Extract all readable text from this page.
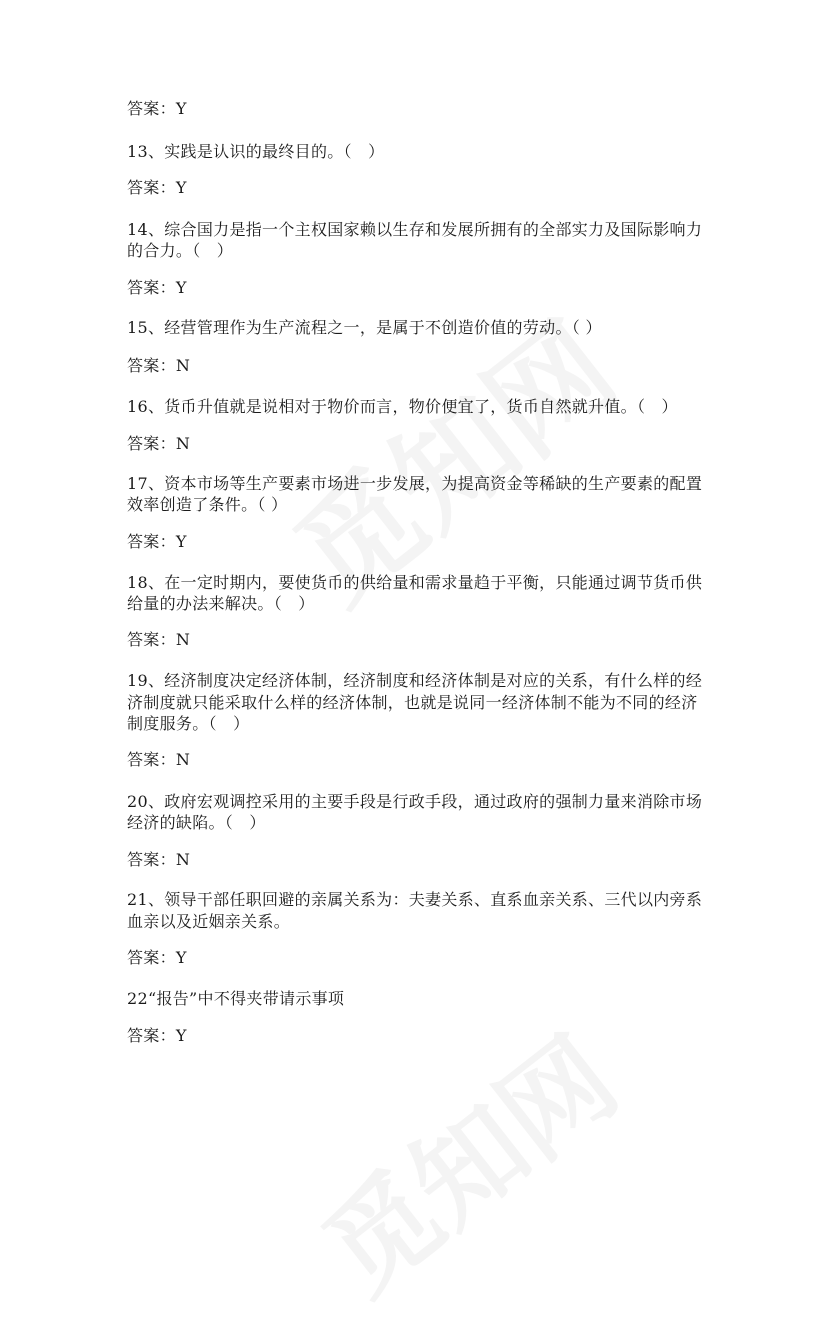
答案：Y
13、实践是认识的最终目的。（　）
答案：Y
14、综合国力是指一个主权国家赖以生存和发展所拥有的全部实力及国际影响力
的合力。（　）
答案：Y
15、经营管理作为生产流程之一，是属于不创造价值的劳动。（ ）
答案：N
16、货币升值就是说相对于物价而言，物价便宜了，货币自然就升值。（　）
答案：N
17、资本市场等生产要素市场进一步发展，为提高资金等稀缺的生产要素的配置
效率创造了条件。（ ）
答案：Y
18、在一定时期内，要使货币的供给量和需求量趋于平衡，只能通过调节货币供
给量的办法来解决。（　）
答案：N
19、经济制度决定经济体制，经济制度和经济体制是对应的关系，有什么样的经
济制度就只能采取什么样的经济体制，也就是说同一经济体制不能为不同的经济
制度服务。（　）
答案：N
20、政府宏观调控采用的主要手段是行政手段，通过政府的强制力量来消除市场
经济的缺陷。（　）
答案：N
21、领导干部任职回避的亲属关系为：夫妻关系、直系血亲关系、三代以内旁系
血亲以及近姻亲关系。
答案：Y
22“报告”中不得夹带请示事项
答案：Y
